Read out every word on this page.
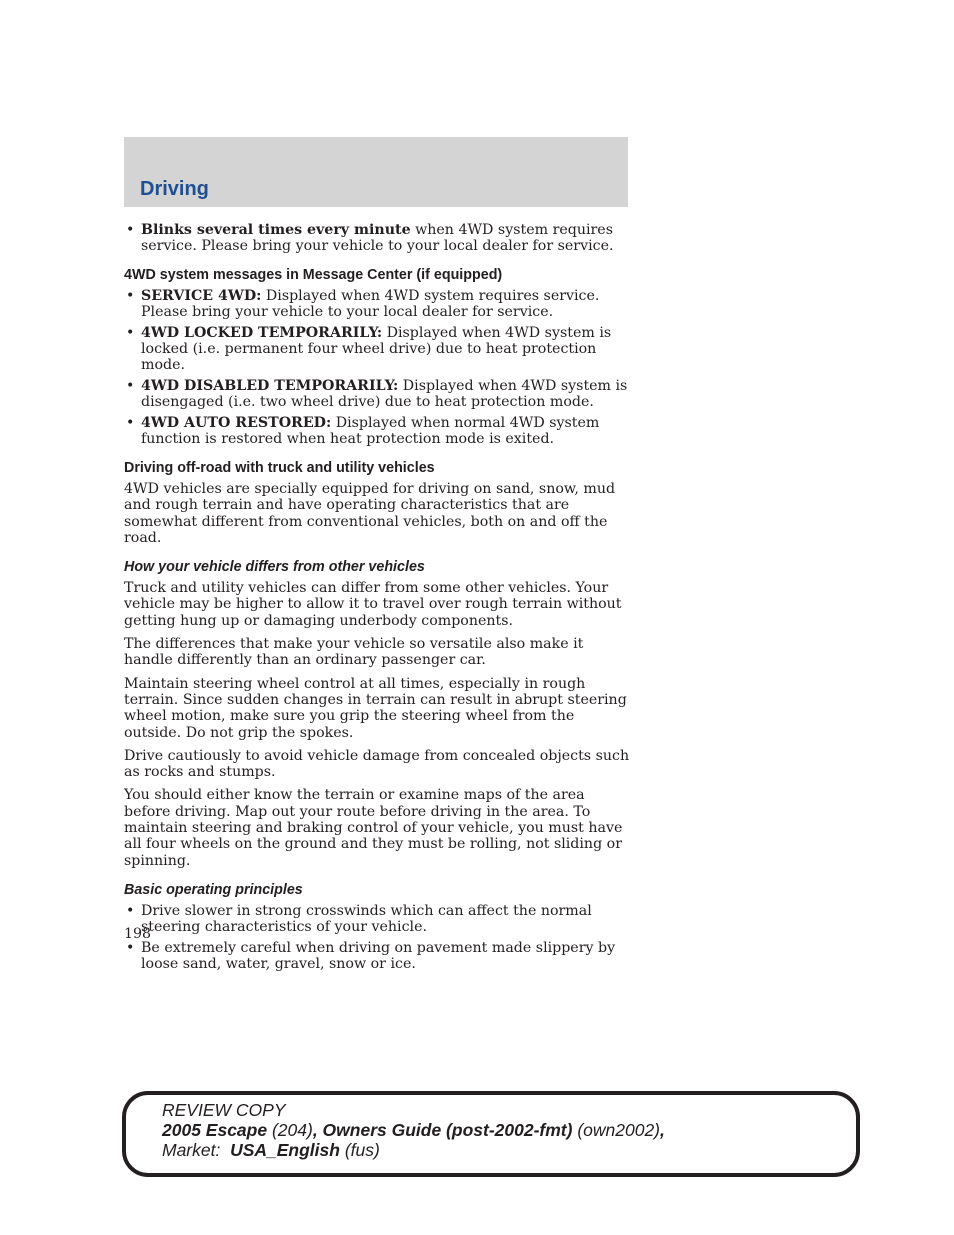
Driving
• Blinks several times every minute when 4WD system requires service. Please bring your vehicle to your local dealer for service.
4WD system messages in Message Center (if equipped)
• SERVICE 4WD: Displayed when 4WD system requires service. Please bring your vehicle to your local dealer for service.
• 4WD LOCKED TEMPORARILY: Displayed when 4WD system is locked (i.e. permanent four wheel drive) due to heat protection mode.
• 4WD DISABLED TEMPORARILY: Displayed when 4WD system is disengaged (i.e. two wheel drive) due to heat protection mode.
• 4WD AUTO RESTORED: Displayed when normal 4WD system function is restored when heat protection mode is exited.
Driving off-road with truck and utility vehicles
4WD vehicles are specially equipped for driving on sand, snow, mud and rough terrain and have operating characteristics that are somewhat different from conventional vehicles, both on and off the road.
How your vehicle differs from other vehicles
Truck and utility vehicles can differ from some other vehicles. Your vehicle may be higher to allow it to travel over rough terrain without getting hung up or damaging underbody components.
The differences that make your vehicle so versatile also make it handle differently than an ordinary passenger car.
Maintain steering wheel control at all times, especially in rough terrain. Since sudden changes in terrain can result in abrupt steering wheel motion, make sure you grip the steering wheel from the outside. Do not grip the spokes.
Drive cautiously to avoid vehicle damage from concealed objects such as rocks and stumps.
You should either know the terrain or examine maps of the area before driving. Map out your route before driving in the area. To maintain steering and braking control of your vehicle, you must have all four wheels on the ground and they must be rolling, not sliding or spinning.
Basic operating principles
• Drive slower in strong crosswinds which can affect the normal steering characteristics of your vehicle.
• Be extremely careful when driving on pavement made slippery by loose sand, water, gravel, snow or ice.
198
REVIEW COPY
2005 Escape (204), Owners Guide (post-2002-fmt) (own2002),
Market:  USA_English (fus)
